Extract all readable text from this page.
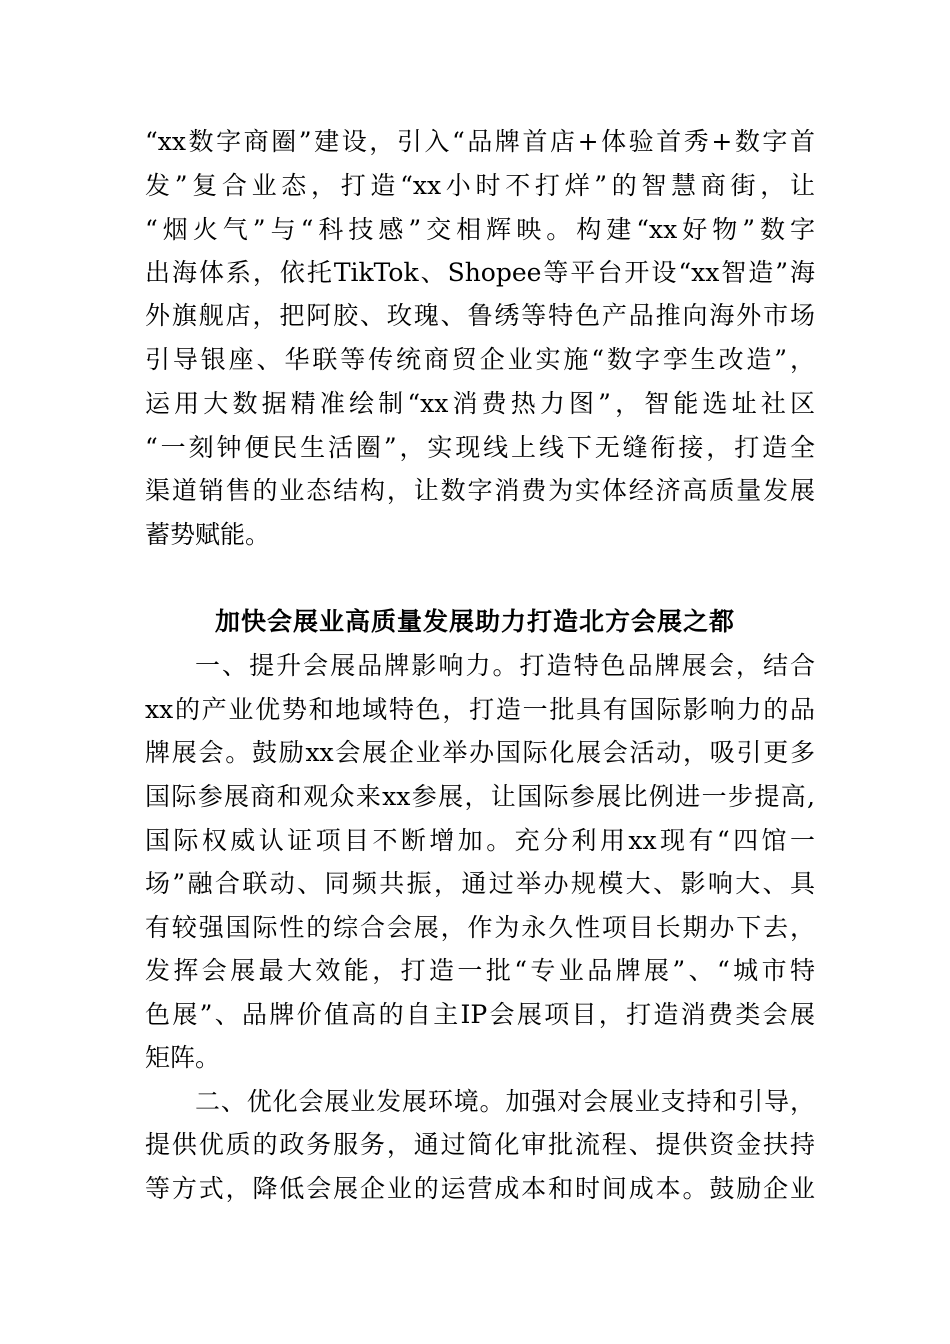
“xx数字商圈”建设，引入“品牌首店+体验首秀+数字首
发”复合业态，打造“xx小时不打烊”的智慧商街，让
“烟火气”与“科技感”交相辉映。构建“xx好物”数字
出海体系，依托TikTok、Shopee等平台开设“xx智造”海
外旗舰店，把阿胶、玫瑰、鲁绣等特色产品推向海外市场
引导银座、华联等传统商贸企业实施“数字孪生改造”，
运用大数据精准绘制“xx消费热力图”，智能选址社区
“一刻钟便民生活圈”，实现线上线下无缝衔接，打造全
渠道销售的业态结构，让数字消费为实体经济高质量发展
蓄势赋能。
加快会展业高质量发展助力打造北方会展之都
一、提升会展品牌影响力。打造特色品牌展会，结合
xx的产业优势和地域特色，打造一批具有国际影响力的品
牌展会。鼓励xx会展企业举办国际化展会活动，吸引更多
国际参展商和观众来xx参展，让国际参展比例进一步提高,
国际权威认证项目不断增加。充分利用xx现有“四馆一
场”融合联动、同频共振，通过举办规模大、影响大、具
有较强国际性的综合会展，作为永久性项目长期办下去，
发挥会展最大效能，打造一批“专业品牌展”、“城市特
色展”、品牌价值高的自主IP会展项目，打造消费类会展
矩阵。
二、优化会展业发展环境。加强对会展业支持和引导，
提供优质的政务服务，通过简化审批流程、提供资金扶持
等方式，降低会展企业的运营成本和时间成本。鼓励企业
